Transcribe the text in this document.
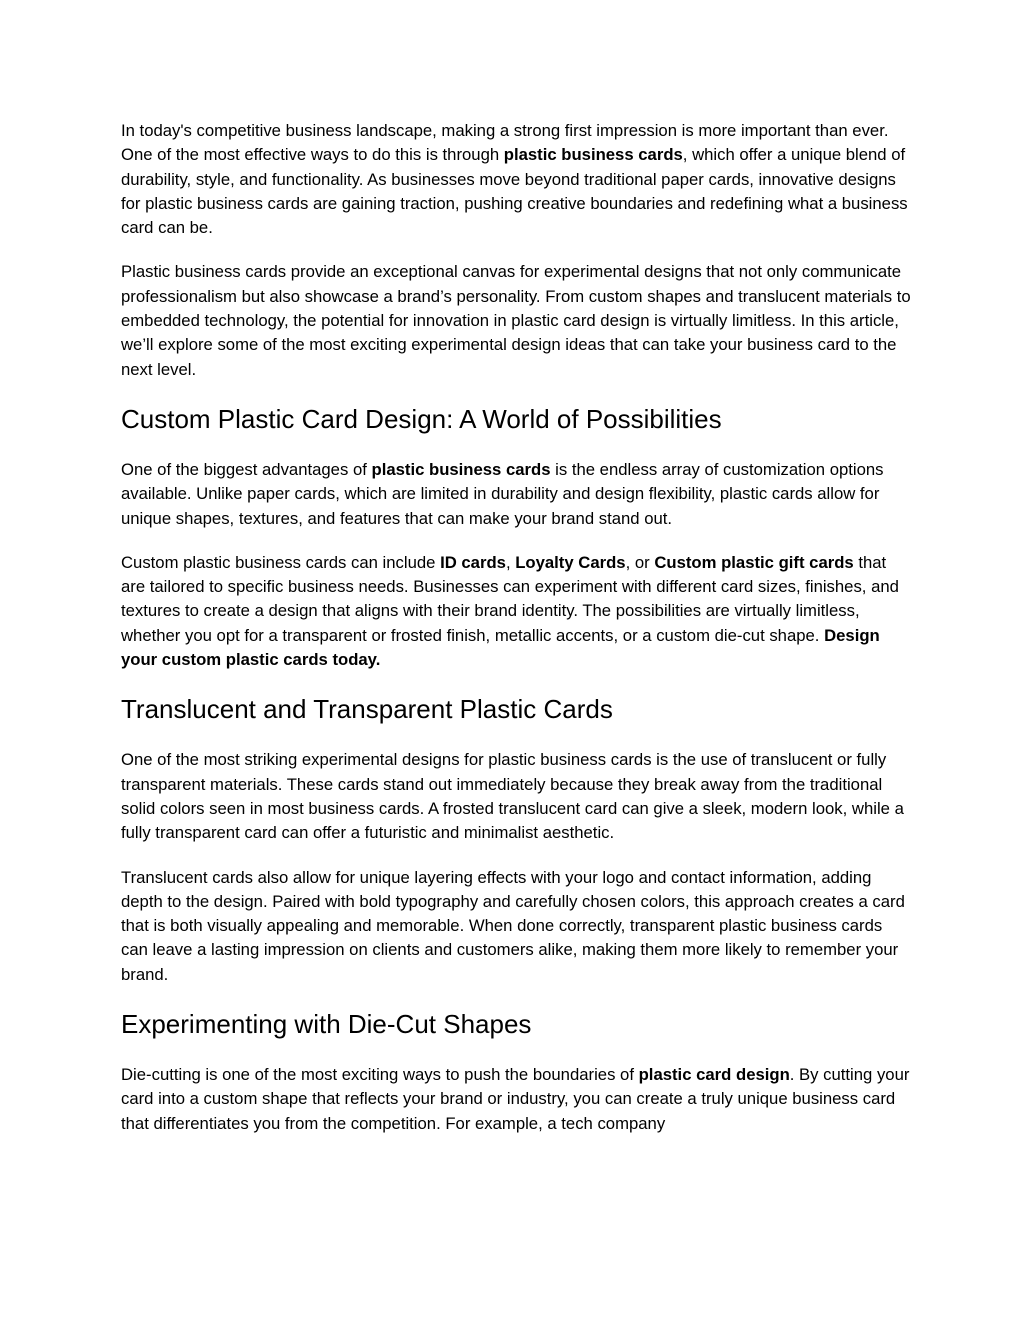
In today's competitive business landscape, making a strong first impression is more important than ever. One of the most effective ways to do this is through plastic business cards, which offer a unique blend of durability, style, and functionality. As businesses move beyond traditional paper cards, innovative designs for plastic business cards are gaining traction, pushing creative boundaries and redefining what a business card can be.

Plastic business cards provide an exceptional canvas for experimental designs that not only communicate professionalism but also showcase a brand’s personality. From custom shapes and translucent materials to embedded technology, the potential for innovation in plastic card design is virtually limitless. In this article, we’ll explore some of the most exciting experimental design ideas that can take your business card to the next level.

Custom Plastic Card Design: A World of Possibilities

One of the biggest advantages of plastic business cards is the endless array of customization options available. Unlike paper cards, which are limited in durability and design flexibility, plastic cards allow for unique shapes, textures, and features that can make your brand stand out.

Custom plastic business cards can include ID cards, Loyalty Cards, or Custom plastic gift cards that are tailored to specific business needs. Businesses can experiment with different card sizes, finishes, and textures to create a design that aligns with their brand identity. The possibilities are virtually limitless, whether you opt for a transparent or frosted finish, metallic accents, or a custom die-cut shape. Design your custom plastic cards today.

Translucent and Transparent Plastic Cards

One of the most striking experimental designs for plastic business cards is the use of translucent or fully transparent materials. These cards stand out immediately because they break away from the traditional solid colors seen in most business cards. A frosted translucent card can give a sleek, modern look, while a fully transparent card can offer a futuristic and minimalist aesthetic.

Translucent cards also allow for unique layering effects with your logo and contact information, adding depth to the design. Paired with bold typography and carefully chosen colors, this approach creates a card that is both visually appealing and memorable. When done correctly, transparent plastic business cards can leave a lasting impression on clients and customers alike, making them more likely to remember your brand.

Experimenting with Die-Cut Shapes

Die-cutting is one of the most exciting ways to push the boundaries of plastic card design. By cutting your card into a custom shape that reflects your brand or industry, you can create a truly unique business card that differentiates you from the competition. For example, a tech company
